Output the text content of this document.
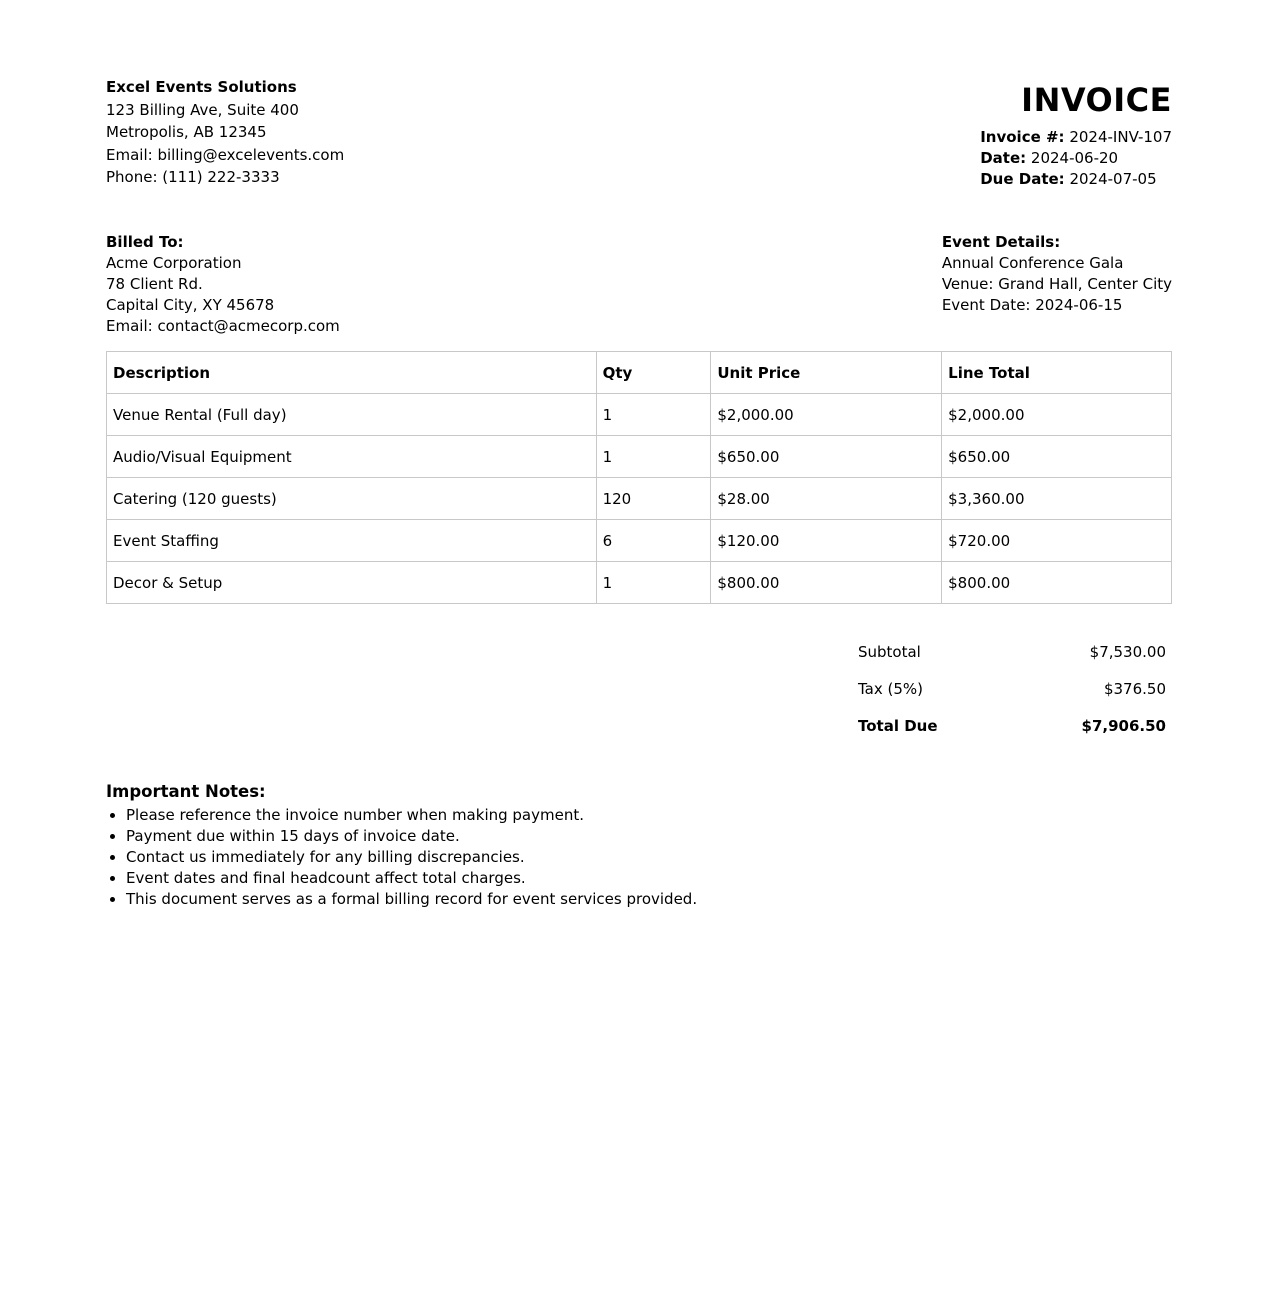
Excel Events Solutions
123 Billing Ave, Suite 400
Metropolis, AB 12345
Email: billing@excelevents.com
Phone: (111) 222-3333
INVOICE
Invoice #: 2024-INV-107
Date: 2024-06-20
Due Date: 2024-07-05
Billed To:
Acme Corporation
78 Client Rd.
Capital City, XY 45678
Email: contact@acmecorp.com
Event Details:
Annual Conference Gala
Venue: Grand Hall, Center City
Event Date: 2024-06-15
Description	Qty	Unit Price	Line Total
Venue Rental (Full day)	1	$2,000.00	$2,000.00
Audio/Visual Equipment	1	$650.00	$650.00
Catering (120 guests)	120	$28.00	$3,360.00
Event Staffing	6	$120.00	$720.00
Decor & Setup	1	$800.00	$800.00
Subtotal	$7,530.00
Tax (5%)	$376.50
Total Due	$7,906.50
Important Notes:
• Please reference the invoice number when making payment.
• Payment due within 15 days of invoice date.
• Contact us immediately for any billing discrepancies.
• Event dates and final headcount affect total charges.
• This document serves as a formal billing record for event services provided.
